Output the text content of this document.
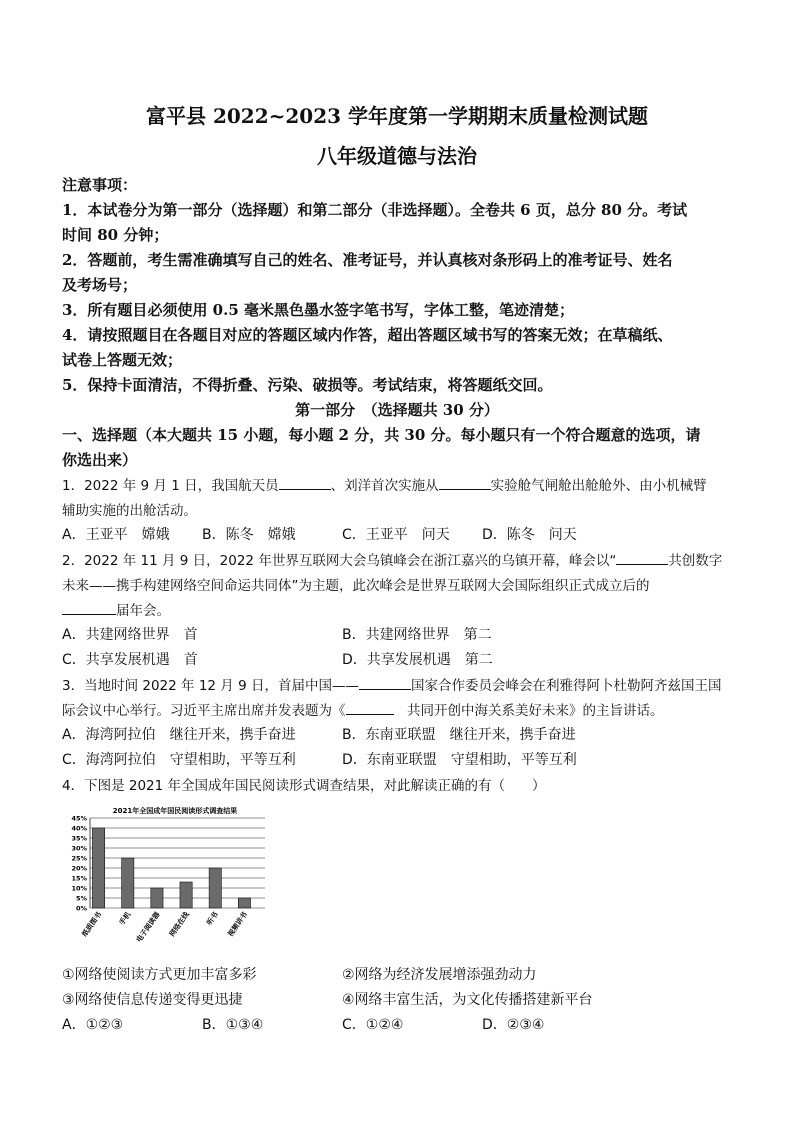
富平县 2022~2023 学年度第一学期期末质量检测试题
八年级道德与法治
注意事项：
1．本试卷分为第一部分（选择题）和第二部分（非选择题）。全卷共 6 页，总分 80 分。考试
时间 80 分钟；
2．答题前，考生需准确填写自己的姓名、准考证号，并认真核对条形码上的准考证号、姓名
及考场号；
3．所有题目必须使用 0.5 毫米黑色墨水签字笔书写，字体工整，笔迹清楚；
4．请按照题目在各题目对应的答题区域内作答，超出答题区域书写的答案无效；在草稿纸、
试卷上答题无效；
5．保持卡面清洁，不得折叠、污染、破损等。考试结束，将答题纸交回。
第一部分　（选择题共 30 分）
一、选择题（本大题共 15 小题，每小题 2 分，共 30 分。每小题只有一个符合题意的选项，请
你选出来）
1．2022 年 9 月 1 日，我国航天员	、刘洋首次实施从	实验舱气闸舱出舱舱外、由小机械臂
辅助实施的出舱活动。
A．王亚平　嫦娥 B．陈冬　嫦娥	C．王亚平　问天 D．陈冬　问天
2．2022 年 11 月 9 日，2022 年世界互联网大会乌镇峰会在浙江嘉兴的乌镇开幕，峰会以“	共创数字
未来——携手构建网络空间命运共同体”为主题，此次峰会是世界互联网大会国际组织正式成立后的
届年会。
A．共建网络世界　首	B．共建网络世界　第二
C．共享发展机遇　首	D．共享发展机遇　第二
3．当地时间 2022 年 12 月 9 日，首届中国——	国家合作委员会峰会在利雅得阿卜杜勒阿齐兹国王国
际会议中心举行。习近平主席出席并发表题为《	　共同开创中海关系美好未来》的主旨讲话。
A．海湾阿拉伯　继往开来，携手奋进	B．东南亚联盟　继往开来，携手奋进
C．海湾阿拉伯　守望相助，平等互利	D．东南亚联盟　守望相助，平等互利
4．下图是 2021 年全国成年国民阅读形式调查结果，对此解读正确的有（　　）
2021年全国成年国民阅读形式调查结果
0%
5%
10%
15%
20%
25%
30%
35%
40%
45%
纸质图书 手机 电子阅读器 网络在线 听书 视频讲书
①网络使阅读方式更加丰富多彩	②网络为经济发展增添强劲动力
③网络使信息传递变得更迅捷	④网络丰富生活，为文化传播搭建新平台
A．①②③	B．①③④	C．①②④	D．②③④
